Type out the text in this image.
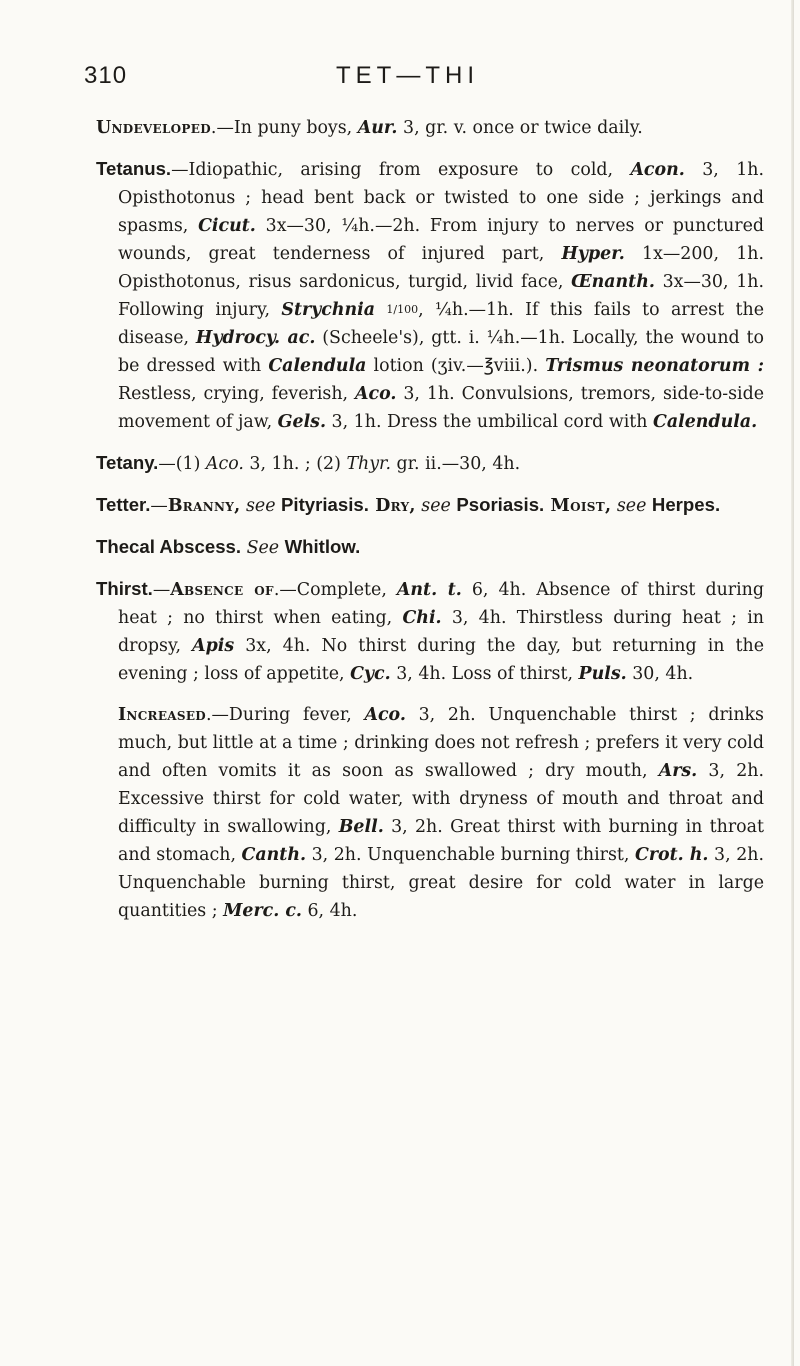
310	TET—THI

Undeveloped.—In puny boys, Aur. 3, gr. v. once or twice daily.

Tetanus.—Idiopathic, arising from exposure to cold, Acon. 3, 1h. Opisthotonus ; head bent back or twisted to one side ; jerkings and spasms, Cicut. 3x—30, ¼h.—2h. From injury to nerves or punctured wounds, great tenderness of injured part, Hyper. 1x—200, 1h. Opisthotonus, risus sardonicus, turgid, livid face, Œnanth. 3x—30, 1h. Following injury, Strychnia 1/100, ¼h.—1h. If this fails to arrest the disease, Hydrocy. ac. (Scheele's), gtt. i. ¼h.—1h. Locally, the wound to be dressed with Calendula lotion (ʒiv.—℥viii.). Trismus neonatorum : Restless, crying, feverish, Aco. 3, 1h. Convulsions, tremors, side-to-side movement of jaw, Gels. 3, 1h. Dress the umbilical cord with Calendula.

Tetany.—(1) Aco. 3, 1h. ; (2) Thyr. gr. ii.—30, 4h.

Tetter.—Branny, see Pityriasis. Dry, see Psoriasis. Moist, see Herpes.

Thecal Abscess. See Whitlow.

Thirst.—Absence of.—Complete, Ant. t. 6, 4h. Absence of thirst during heat ; no thirst when eating, Chi. 3, 4h. Thirstless during heat ; in dropsy, Apis 3x, 4h. No thirst during the day, but returning in the evening ; loss of appetite, Cyc. 3, 4h. Loss of thirst, Puls. 30, 4h.

Increased.—During fever, Aco. 3, 2h. Unquenchable thirst ; drinks much, but little at a time ; drinking does not refresh ; prefers it very cold and often vomits it as soon as swallowed ; dry mouth, Ars. 3, 2h. Excessive thirst for cold water, with dryness of mouth and throat and difficulty in swallowing, Bell. 3, 2h. Great thirst with burning in throat and stomach, Canth. 3, 2h. Unquenchable burning thirst, Crot. h. 3, 2h. Unquenchable burning thirst, great desire for cold water in large quantities ; Merc. c. 6, 4h.
